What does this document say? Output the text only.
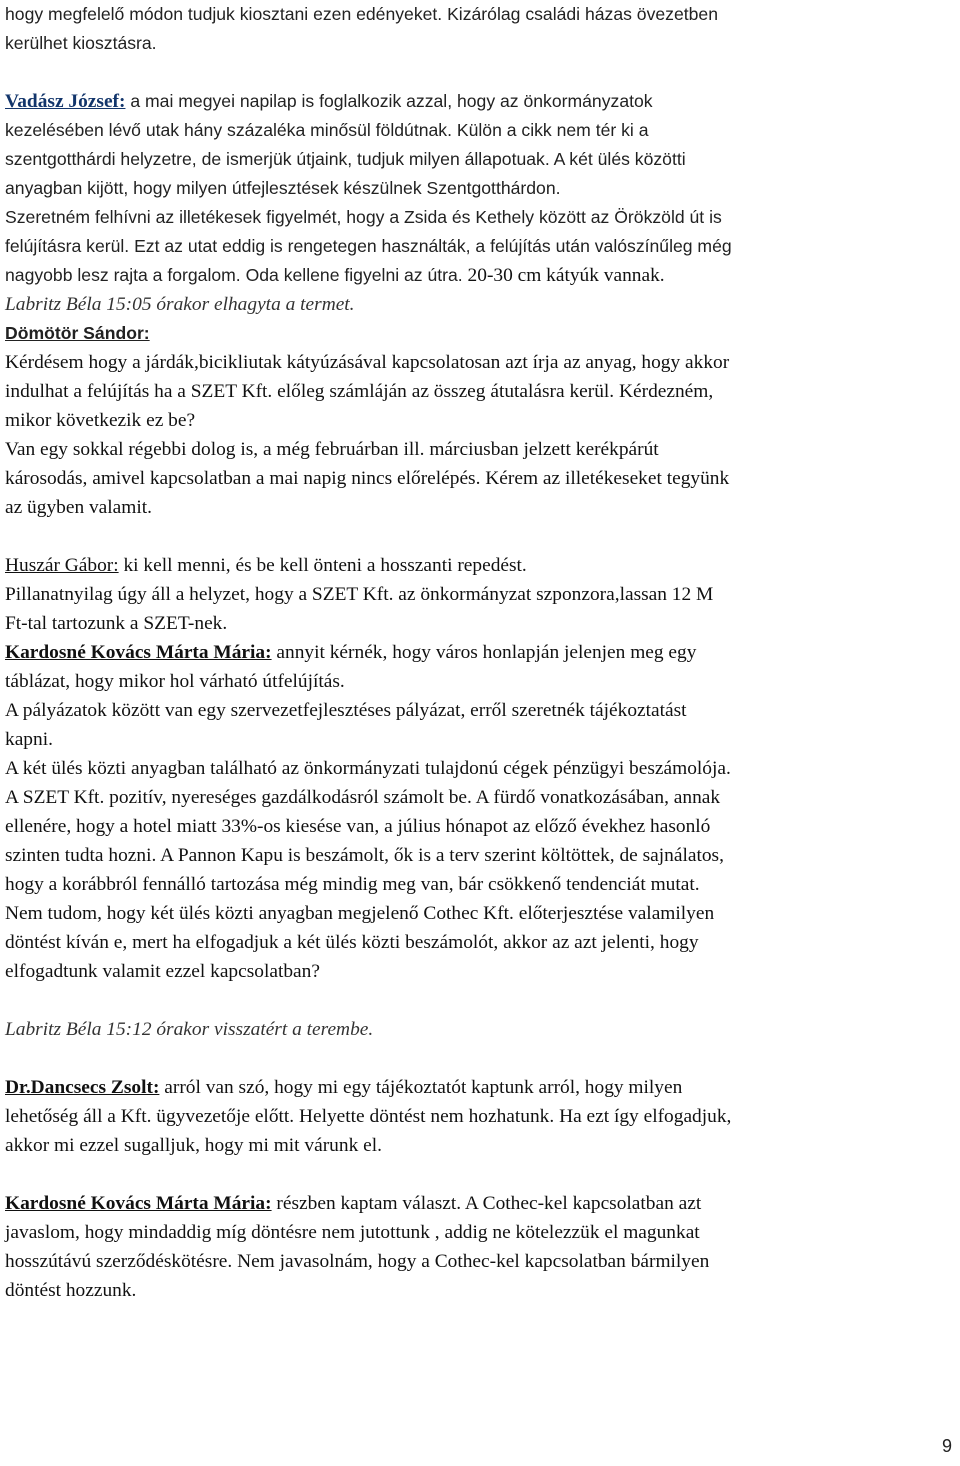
hogy megfelelő módon tudjuk kiosztani ezen edényeket. Kizárólag családi házas övezetben
kerülhet kiosztásra.
Vadász József: a mai megyei napilap is foglalkozik azzal, hogy az önkormányzatok
kezelésében lévő utak hány százaléka minősül földútnak. Külön a cikk nem tér ki a
szentgotthárdi helyzetre, de ismerjük útjaink, tudjuk milyen állapotuak. A két ülés közötti
anyagban kijött, hogy milyen útfejlesztések készülnek Szentgotthárdon.
Szeretném felhívni az illetékesek figyelmét, hogy a Zsida és Kethely között az Örökzöld út is
felújításra kerül. Ezt az utat eddig is rengetegen használták, a felújítás után valószínűleg még
nagyobb lesz rajta a forgalom. Oda kellene figyelni az útra. 20-30 cm kátyúk vannak.
Labritz Béla 15:05 órakor elhagyta a termet.
Dömötör Sándor:
Kérdésem hogy a járdák,bicikliutak kátyúzásával kapcsolatosan azt írja az anyag, hogy akkor
indulhat a felújítás ha a SZET Kft. előleg számláján az összeg átutalásra kerül. Kérdezném,
mikor következik ez be?
Van egy sokkal régebbi dolog is, a még februárban ill. márciusban jelzett kerékpárút
károsodás, amivel kapcsolatban a mai napig nincs előrelépés. Kérem az illetékeseket tegyünk
az ügyben valamit.
Huszár Gábor: ki kell menni, és be kell önteni a hosszanti repedést.
Pillanatnyilag úgy áll a helyzet, hogy a SZET Kft. az önkormányzat szponzora,lassan 12 M
Ft-tal tartozunk a SZET-nek.
Kardosné Kovács Márta Mária: annyit kérnék, hogy város honlapján jelenjen meg egy
táblázat, hogy mikor hol várható útfelújítás.
A pályázatok között van egy szervezetfejlesztéses pályázat, erről szeretnék tájékoztatást
kapni.
A két ülés közti anyagban található az önkormányzati tulajdonú cégek pénzügyi beszámolója.
A SZET Kft. pozitív, nyereséges gazdálkodásról számolt be. A fürdő vonatkozásában, annak
ellenére, hogy a hotel miatt 33%-os kiesése van, a július hónapot az előző évekhez hasonló
szinten tudta hozni. A Pannon Kapu is beszámolt, ők is a terv szerint költöttek, de sajnálatos,
hogy a korábbról fennálló tartozása még mindig meg van, bár csökkenő tendenciát mutat.
Nem tudom, hogy két ülés közti anyagban megjelenő Cothec Kft. előterjesztése valamilyen
döntést kíván e, mert ha elfogadjuk a két ülés közti beszámolót, akkor az azt jelenti, hogy
elfogadtunk valamit ezzel kapcsolatban?
Labritz Béla 15:12 órakor visszatért a terembe.
Dr.Dancsecs Zsolt: arról van szó, hogy mi egy tájékoztatót kaptunk arról, hogy milyen
lehetőség áll a Kft. ügyvezetője előtt. Helyette döntést nem hozhatunk. Ha ezt így elfogadjuk,
akkor mi ezzel sugalljuk, hogy mi mit várunk el.
Kardosné Kovács Márta Mária: részben kaptam választ. A Cothec-kel kapcsolatban azt
javaslom, hogy mindaddig míg döntésre nem jutottunk , addig ne kötelezzük el magunkat
hosszútávú szerződéskötésre. Nem javasolnám, hogy a Cothec-kel kapcsolatban bármilyen
döntést hozzunk.
9
